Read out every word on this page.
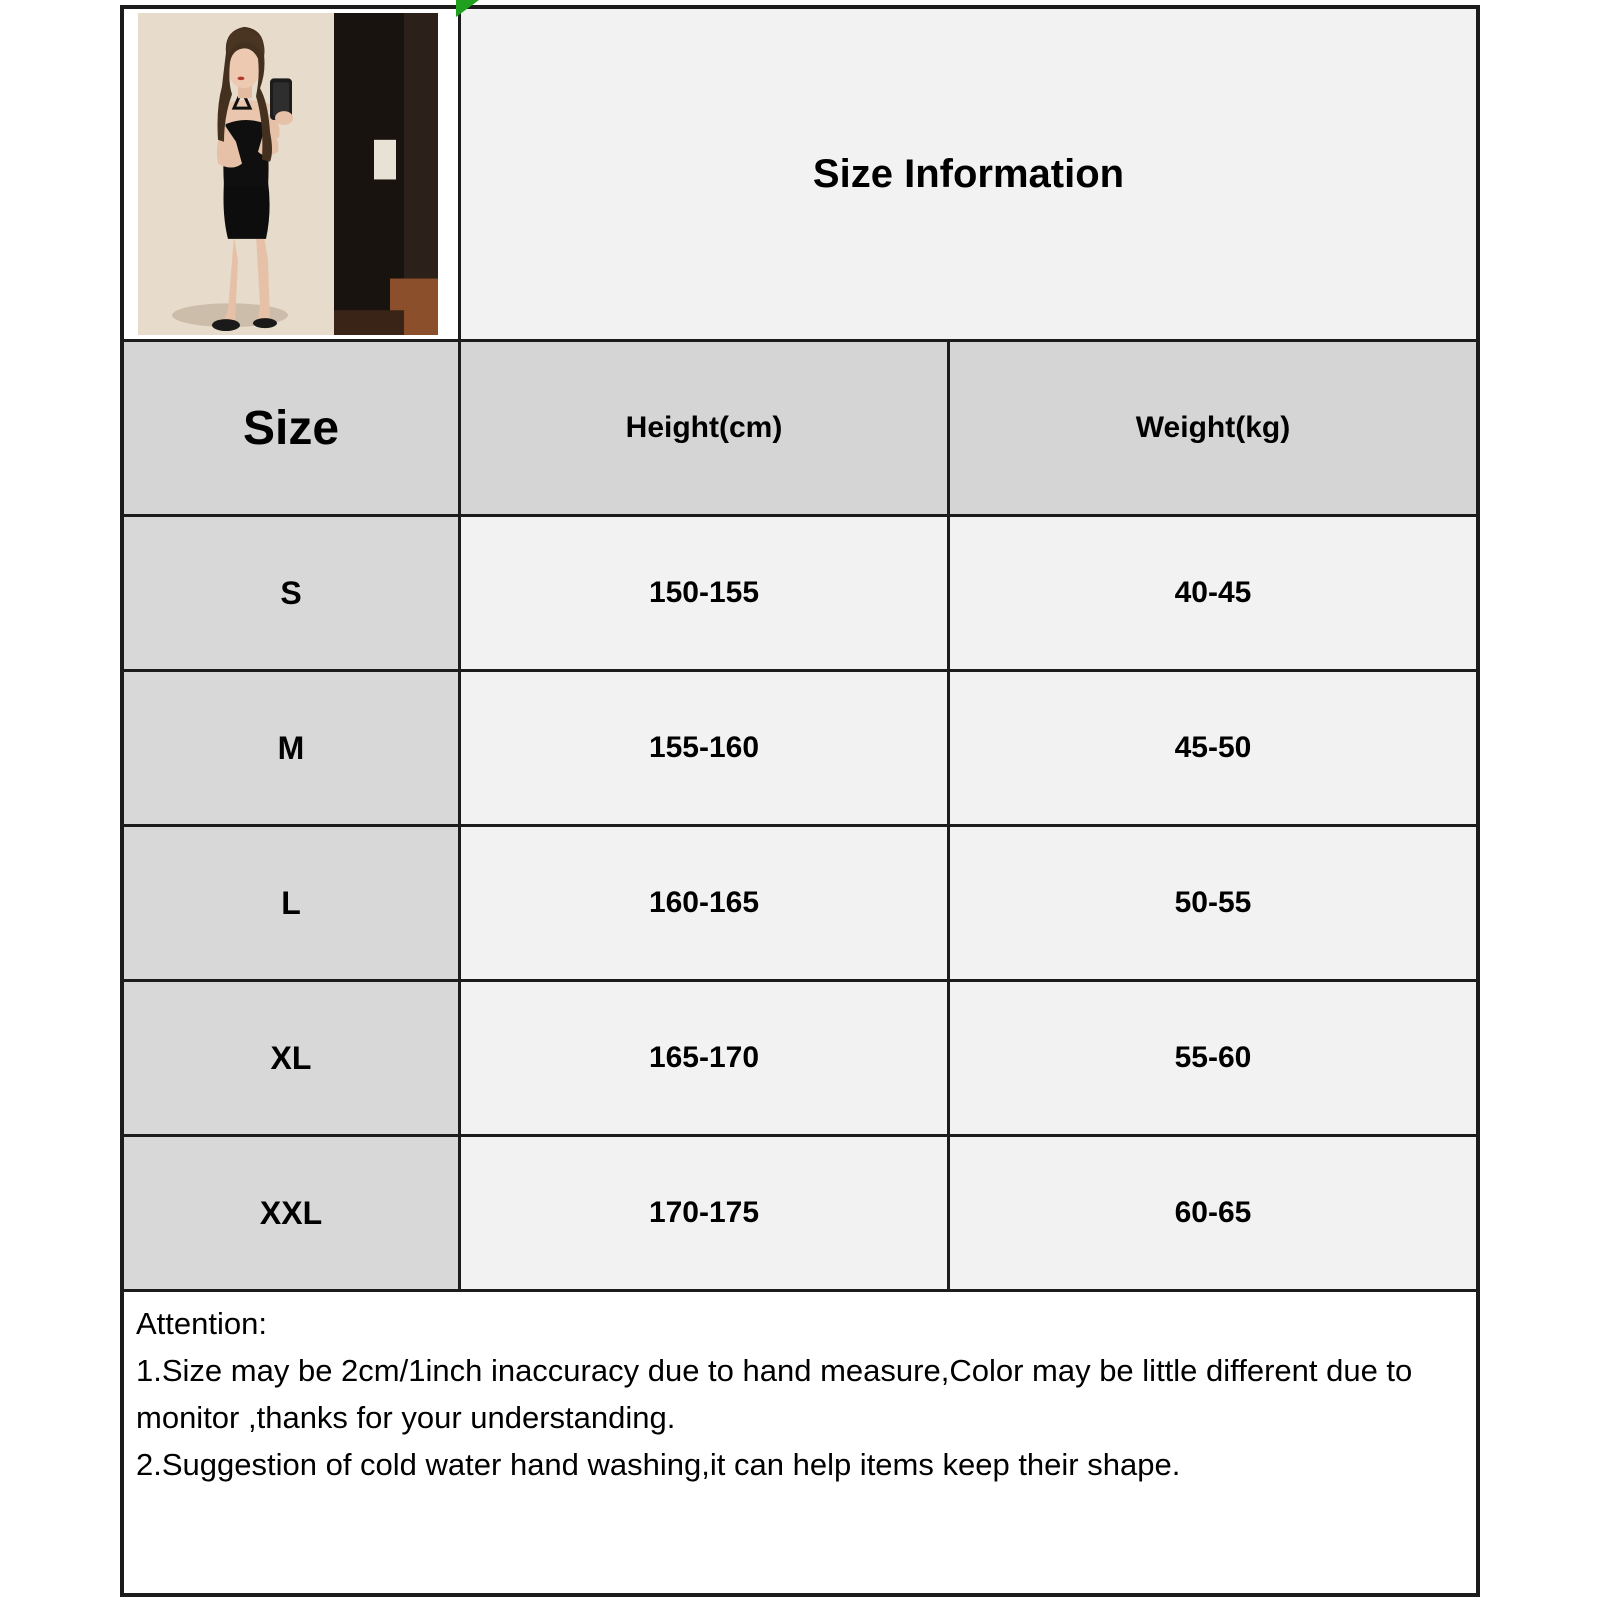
Size Information
Size	Height(cm)	Weight(kg)
S	150-155	40-45
M	155-160	45-50
L	160-165	50-55
XL	165-170	55-60
XXL	170-175	60-65
Attention:
1.Size may be 2cm/1inch inaccuracy due to hand measure,Color may be little different due to monitor ,thanks for your understanding.
2.Suggestion of cold water hand washing,it can help items keep their shape.
